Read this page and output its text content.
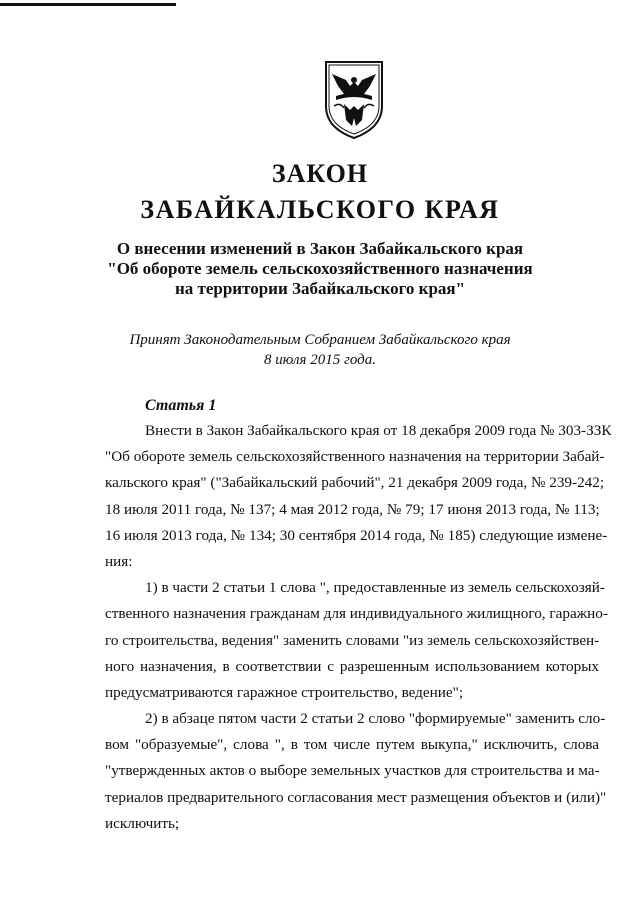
ЗАКОН
ЗАБАЙКАЛЬСКОГО КРАЯ
О внесении изменений в Закон Забайкальского края
"Об обороте земель сельскохозяйственного назначения
на территории Забайкальского края"
Принят Законодательным Собранием Забайкальского края
8 июля 2015 года.
Статья 1
Внести в Закон Забайкальского края от 18 декабря 2009 года № 303-ЗЗК
"Об обороте земель сельскохозяйственного назначения на территории Забай-
кальского края" ("Забайкальский рабочий", 21 декабря 2009 года, № 239-242;
18 июля 2011 года, № 137; 4 мая 2012 года, № 79; 17 июня 2013 года, № 113;
16 июля 2013 года, № 134; 30 сентября 2014 года, № 185) следующие измене-
ния:
1) в части 2 статьи 1 слова ", предоставленные из земель сельскохозяй-
ственного назначения гражданам для индивидуального жилищного, гаражно-
го строительства, ведения" заменить словами "из земель сельскохозяйствен-
ного назначения, в соответствии с разрешенным использованием которых
предусматриваются гаражное строительство, ведение";
2) в абзаце пятом части 2 статьи 2 слово "формируемые" заменить сло-
вом "образуемые", слова ", в том числе путем выкупа," исключить, слова
"утвержденных актов о выборе земельных участков для строительства и ма-
териалов предварительного согласования мест размещения объектов и (или)"
исключить;
